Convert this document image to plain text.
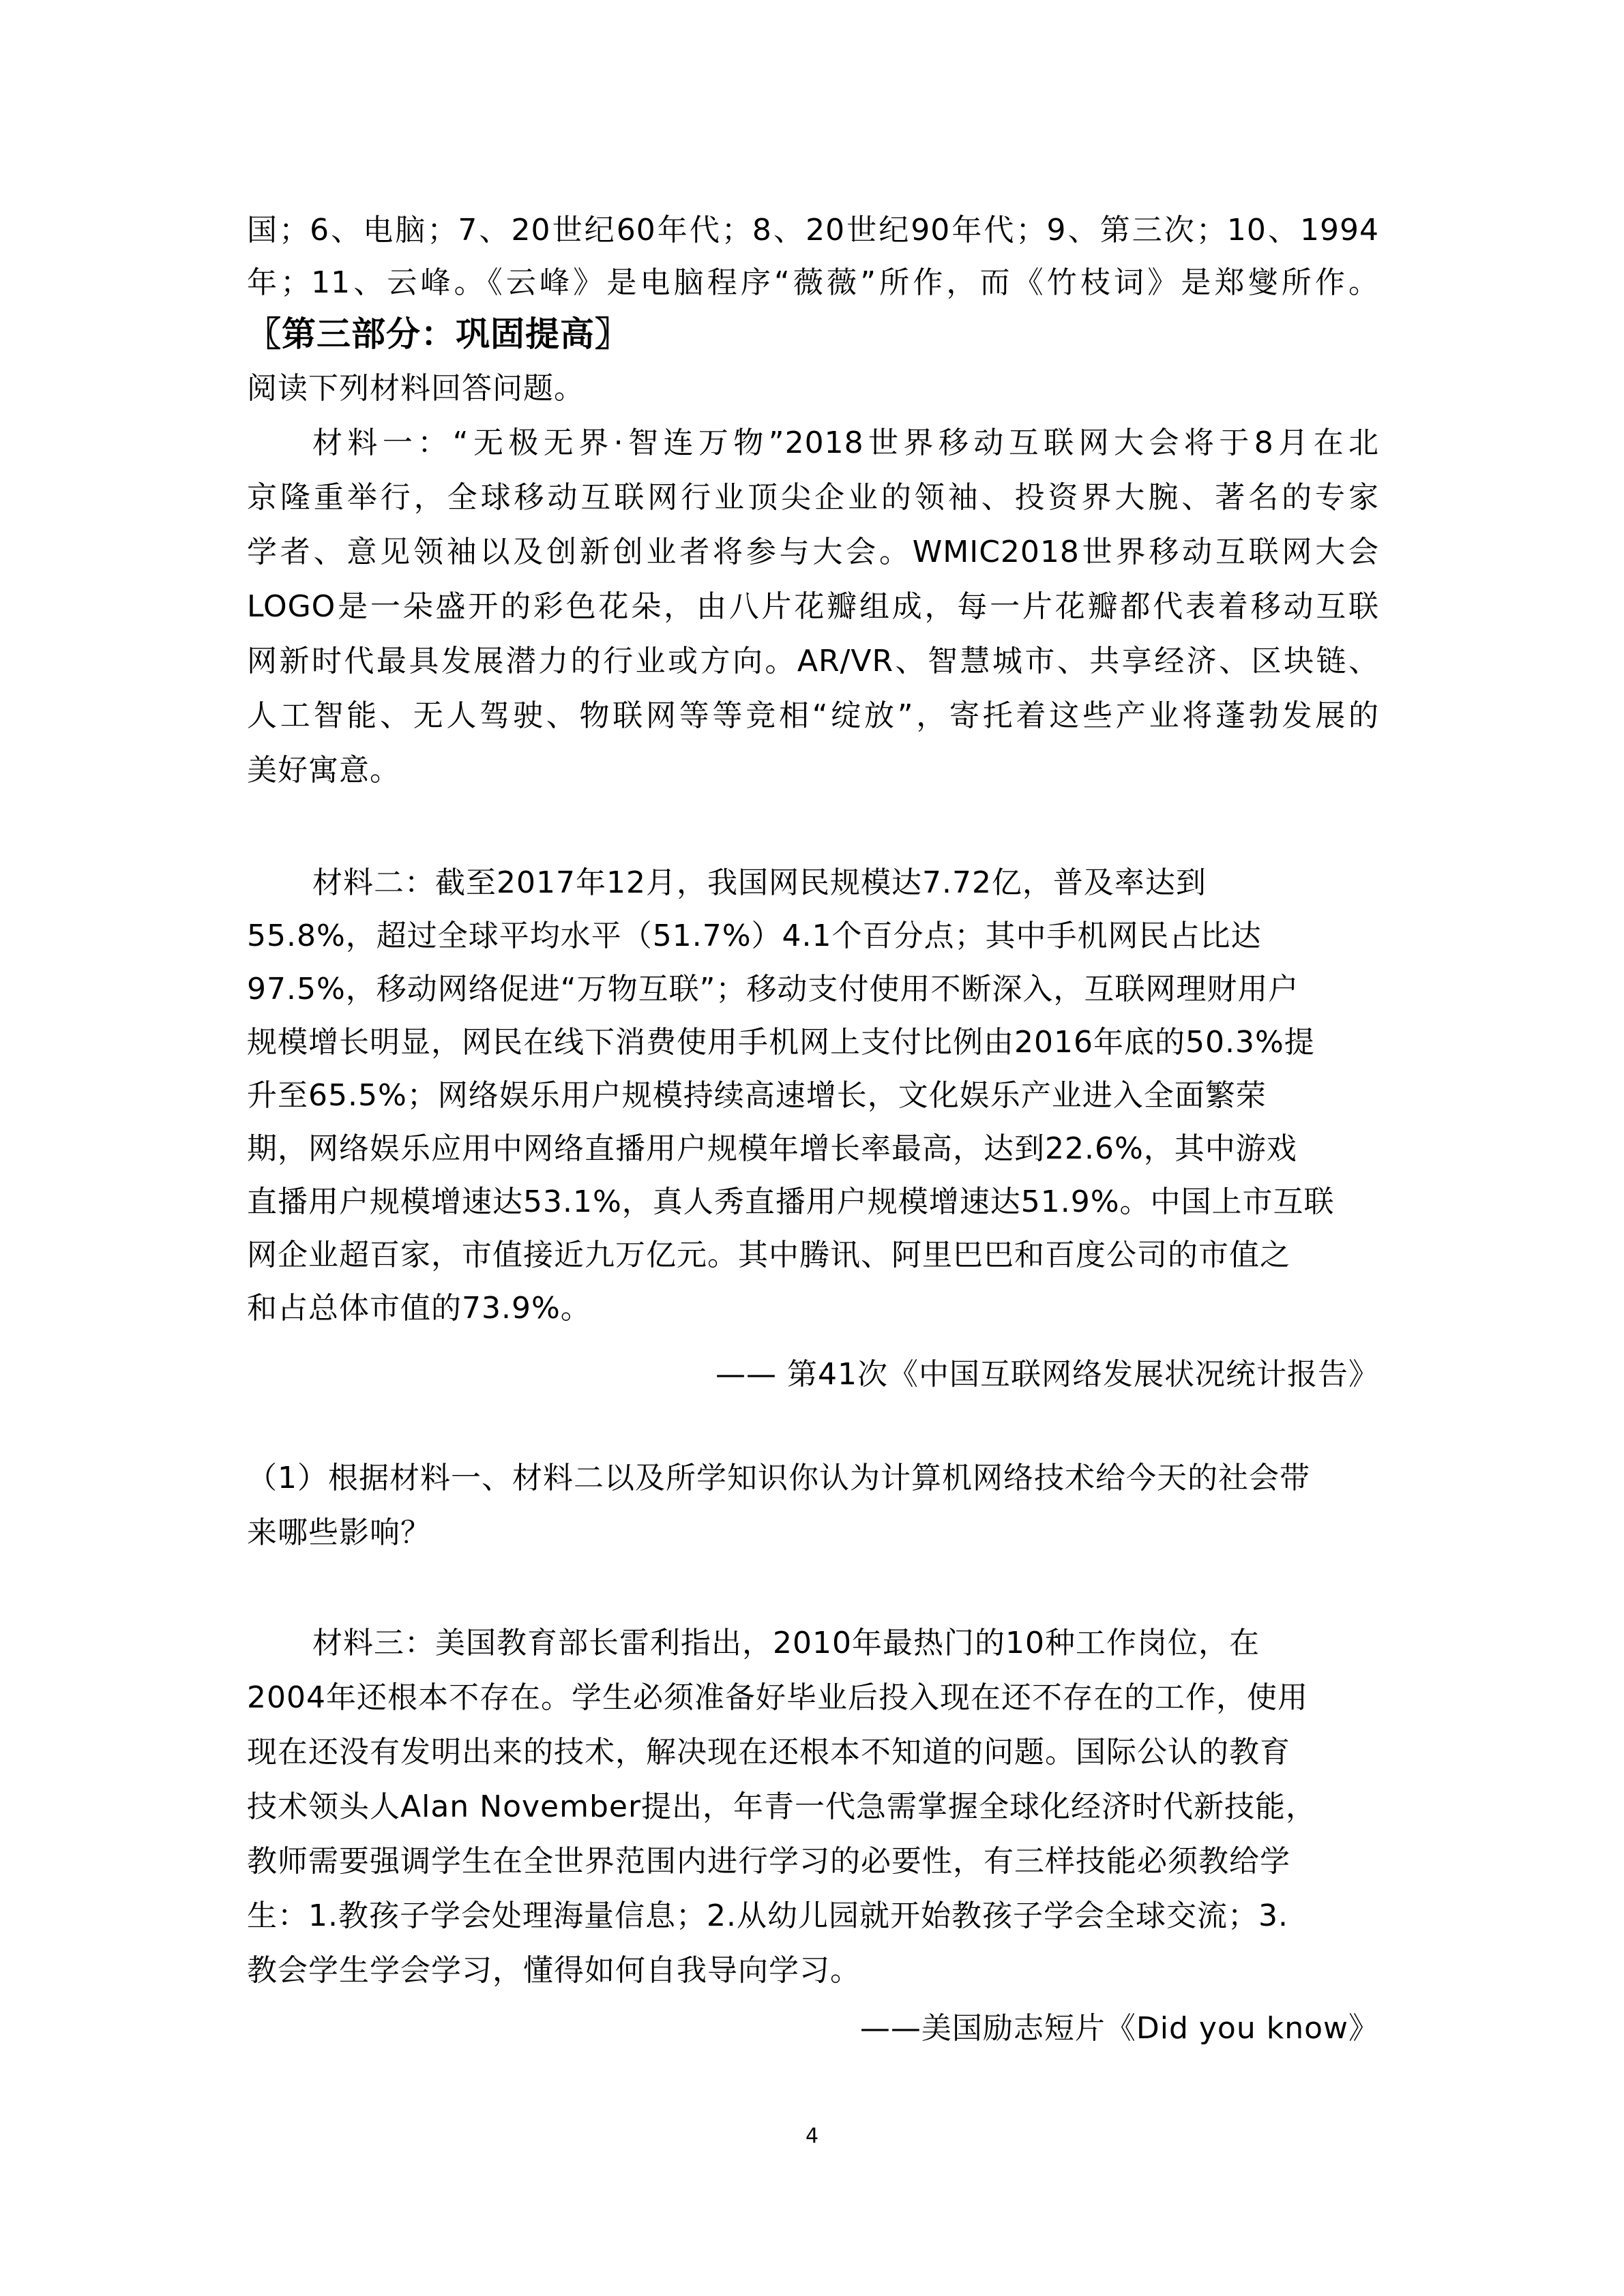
国；6、电脑；7、20世纪60年代；8、20世纪90年代；9、第三次；10、1994
年；11、云峰。《云峰》是电脑程序“薇薇”所作，而《竹枝词》是郑燮所作。
〖第三部分：巩固提高〗
阅读下列材料回答问题。
材料一：“无极无界·智连万物”2018世界移动互联网大会将于8月在北
京隆重举行，全球移动互联网行业顶尖企业的领袖、投资界大腕、著名的专家
学者、意见领袖以及创新创业者将参与大会。WMIC2018世界移动互联网大会
LOGO是一朵盛开的彩色花朵，由八片花瓣组成，每一片花瓣都代表着移动互联
网新时代最具发展潜力的行业或方向。AR/VR、智慧城市、共享经济、区块链、
人工智能、无人驾驶、物联网等等竞相“绽放”，寄托着这些产业将蓬勃发展的
美好寓意。
材料二：截至2017年12月，我国网民规模达7.72亿，普及率达到
55.8%，超过全球平均水平（51.7%）4.1个百分点；其中手机网民占比达
97.5%，移动网络促进“万物互联”；移动支付使用不断深入，互联网理财用户
规模增长明显，网民在线下消费使用手机网上支付比例由2016年底的50.3%提
升至65.5%；网络娱乐用户规模持续高速增长，文化娱乐产业进入全面繁荣
期，网络娱乐应用中网络直播用户规模年增长率最高，达到22.6%，其中游戏
直播用户规模增速达53.1%，真人秀直播用户规模增速达51.9%。中国上市互联
网企业超百家，市值接近九万亿元。其中腾讯、阿里巴巴和百度公司的市值之
和占总体市值的73.9%。
—— 第41次《中国互联网络发展状况统计报告》
（1）根据材料一、材料二以及所学知识你认为计算机网络技术给今天的社会带
来哪些影响？
材料三：美国教育部长雷利指出，2010年最热门的10种工作岗位，在
2004年还根本不存在。学生必须准备好毕业后投入现在还不存在的工作，使用
现在还没有发明出来的技术，解决现在还根本不知道的问题。国际公认的教育
技术领头人Alan November提出，年青一代急需掌握全球化经济时代新技能，
教师需要强调学生在全世界范围内进行学习的必要性，有三样技能必须教给学
生：1.教孩子学会处理海量信息；2.从幼儿园就开始教孩子学会全球交流；3.
教会学生学会学习，懂得如何自我导向学习。
——美国励志短片《Did you know》
4
